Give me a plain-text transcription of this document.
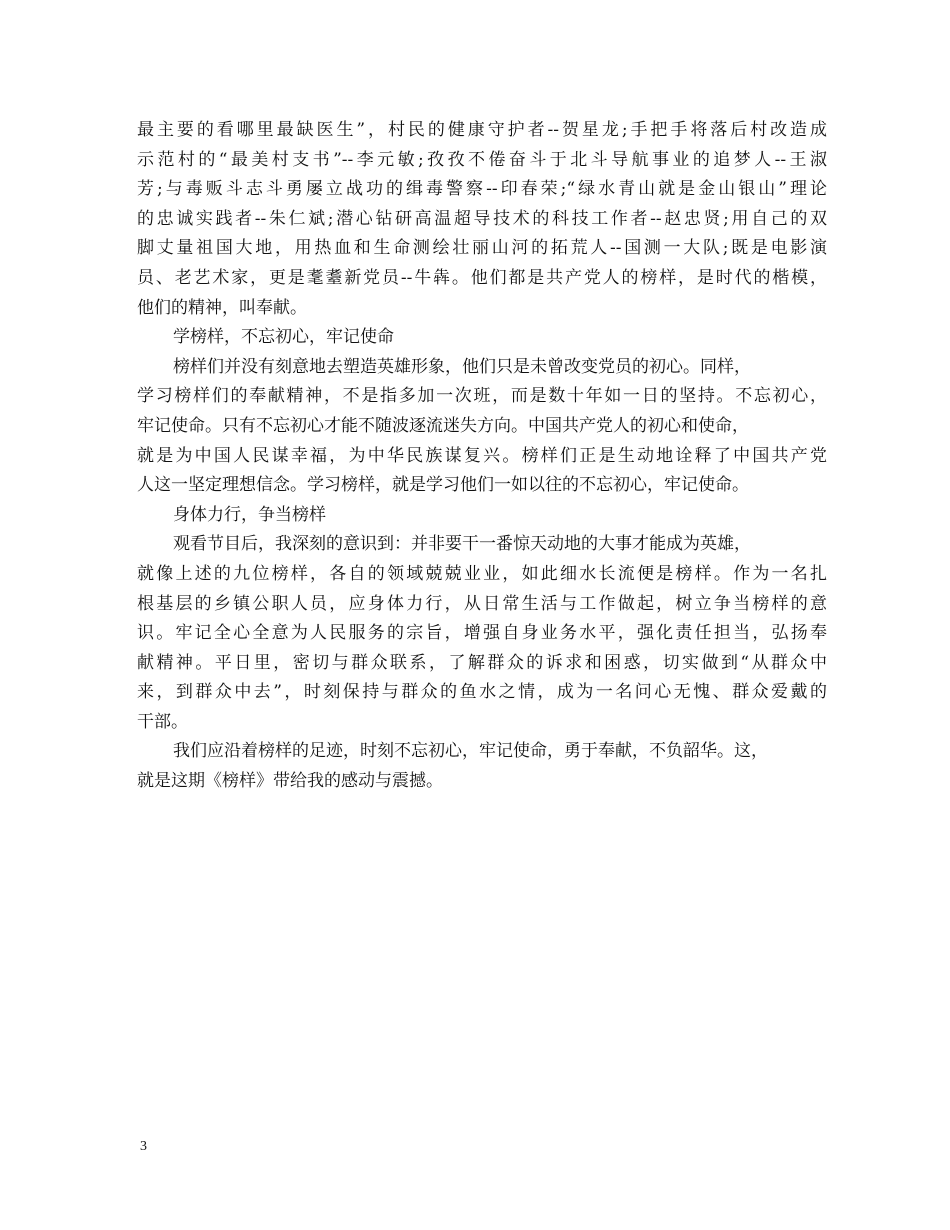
最主要的看哪里最缺医生”，村民的健康守护者--贺星龙;手把手将落后村改造成
示范村的“最美村支书”--李元敏;孜孜不倦奋斗于北斗导航事业的追梦人--王淑
芳;与毒贩斗志斗勇屡立战功的缉毒警察--印春荣;“绿水青山就是金山银山”理论
的忠诚实践者--朱仁斌;潜心钻研高温超导技术的科技工作者--赵忠贤;用自己的双
脚丈量祖国大地，用热血和生命测绘壮丽山河的拓荒人--国测一大队;既是电影演
员、老艺术家，更是耄耋新党员--牛犇。他们都是共产党人的榜样，是时代的楷模，
他们的精神，叫奉献。
学榜样，不忘初心，牢记使命
榜样们并没有刻意地去塑造英雄形象，他们只是未曾改变党员的初心。同样，
学习榜样们的奉献精神，不是指多加一次班，而是数十年如一日的坚持。不忘初心，
牢记使命。只有不忘初心才能不随波逐流迷失方向。中国共产党人的初心和使命，
就是为中国人民谋幸福，为中华民族谋复兴。榜样们正是生动地诠释了中国共产党
人这一坚定理想信念。学习榜样，就是学习他们一如以往的不忘初心，牢记使命。
身体力行，争当榜样
观看节目后，我深刻的意识到：并非要干一番惊天动地的大事才能成为英雄，
就像上述的九位榜样，各自的领域兢兢业业，如此细水长流便是榜样。作为一名扎
根基层的乡镇公职人员，应身体力行，从日常生活与工作做起，树立争当榜样的意
识。牢记全心全意为人民服务的宗旨，增强自身业务水平，强化责任担当，弘扬奉
献精神。平日里，密切与群众联系，了解群众的诉求和困惑，切实做到“从群众中
来，到群众中去”，时刻保持与群众的鱼水之情，成为一名问心无愧、群众爱戴的
干部。
我们应沿着榜样的足迹，时刻不忘初心，牢记使命，勇于奉献，不负韶华。这，
就是这期《榜样》带给我的感动与震撼。
3
